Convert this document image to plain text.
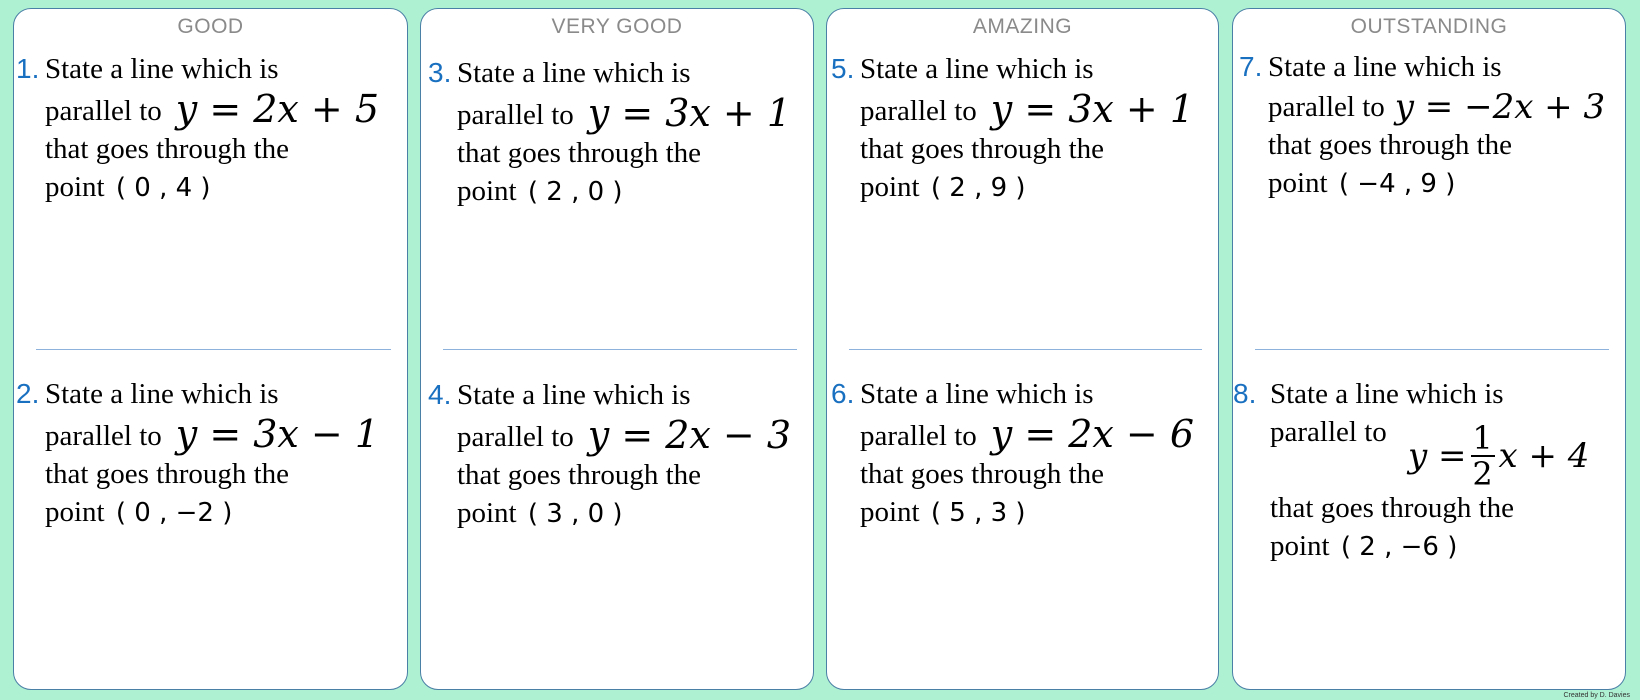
GOOD
1. State a line which is
parallel to y = 2x + 5
that goes through the
point ( 0 , 4 )
2. State a line which is
parallel to y = 3x − 1
that goes through the
point ( 0 , −2 )
VERY GOOD
3. State a line which is
parallel to y = 3x + 1
that goes through the
point ( 2 , 0 )
4. State a line which is
parallel to y = 2x − 3
that goes through the
point ( 3 , 0 )
AMAZING
5. State a line which is
parallel to y = 3x + 1
that goes through the
point ( 2 , 9 )
6. State a line which is
parallel to y = 2x − 6
that goes through the
point ( 5 , 3 )
OUTSTANDING
7. State a line which is
parallel to y = −2x + 3
that goes through the
point ( −4 , 9 )
8. State a line which is
parallel to
$y = \frac{1}{2}$ x + 4
that goes through the
point ( 2 , −6 )
Created by D. Davies
